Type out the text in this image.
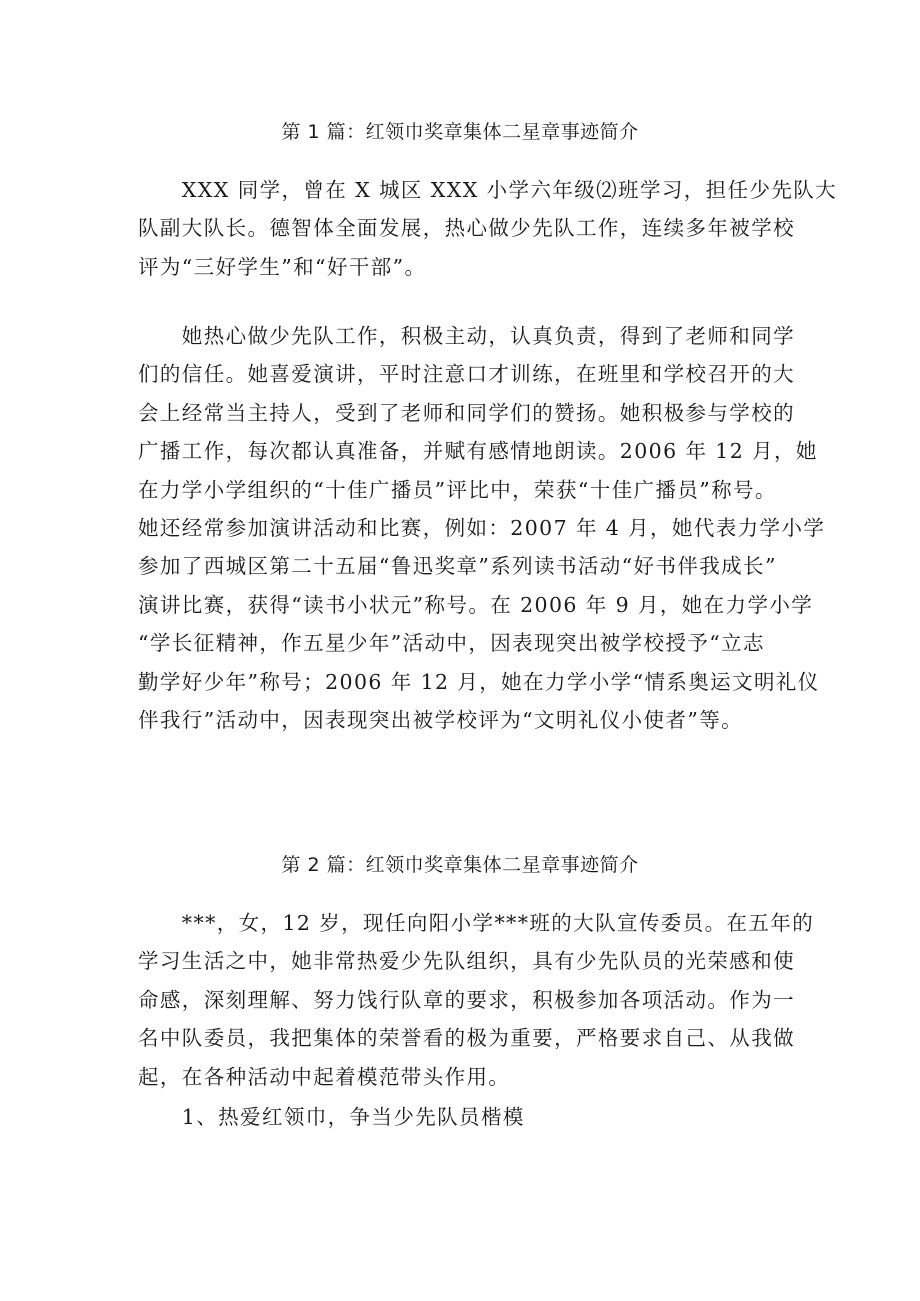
第 1 篇：红领巾奖章集体二星章事迹简介

　　XXX 同学，曾在 X 城区 XXX 小学六年级⑵班学习，担任少先队大
队副大队长。德智体全面发展，热心做少先队工作，连续多年被学校
评为“三好学生”和“好干部”。

　　她热心做少先队工作，积极主动，认真负责，得到了老师和同学
们的信任。她喜爱演讲，平时注意口才训练，在班里和学校召开的大
会上经常当主持人，受到了老师和同学们的赞扬。她积极参与学校的
广播工作，每次都认真准备，并赋有感情地朗读。2006 年 12 月，她
在力学小学组织的“十佳广播员”评比中，荣获“十佳广播员”称号。
她还经常参加演讲活动和比赛，例如：2007 年 4 月，她代表力学小学
参加了西城区第二十五届“鲁迅奖章”系列读书活动“好书伴我成长”
演讲比赛，获得“读书小状元”称号。在 2006 年 9 月，她在力学小学
“学长征精神，作五星少年”活动中，因表现突出被学校授予“立志
勤学好少年”称号；2006 年 12 月，她在力学小学“情系奥运文明礼仪
伴我行”活动中，因表现突出被学校评为“文明礼仪小使者”等。

第 2 篇：红领巾奖章集体二星章事迹简介

　　***，女，12 岁，现任向阳小学***班的大队宣传委员。在五年的
学习生活之中，她非常热爱少先队组织，具有少先队员的光荣感和使
命感，深刻理解、努力饯行队章的要求，积极参加各项活动。作为一
名中队委员，我把集体的荣誉看的极为重要，严格要求自己、从我做
起，在各种活动中起着模范带头作用。

　　1、热爱红领巾，争当少先队员楷模
